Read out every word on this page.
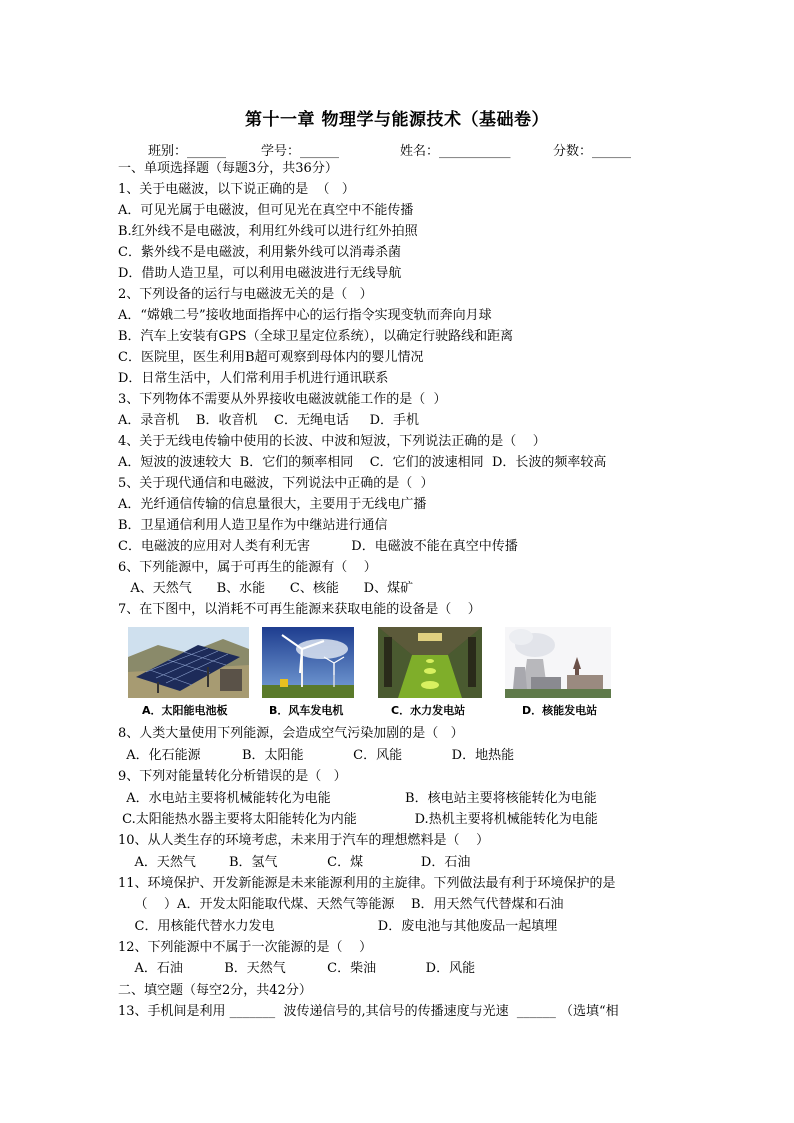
第十一章 物理学与能源技术（基础卷）
班别：______	学号：______	姓名：___________	分数：______
一、单项选择题（每题3分，共36分）
1、关于电磁波，以下说正确的是  （   ）
A．可见光属于电磁波，但可见光在真空中不能传播
B.红外线不是电磁波，利用红外线可以进行红外拍照
C．紫外线不是电磁波，利用紫外线可以消毒杀菌
D．借助人造卫星，可以利用电磁波进行无线导航
2、下列设备的运行与电磁波无关的是（   ）
A．“嫦娥二号”接收地面指挥中心的运行指令实现变轨而奔向月球
B．汽车上安装有GPS（全球卫星定位系统），以确定行驶路线和距离
C．医院里，医生利用B超可观察到母体内的婴儿情况
D．日常生活中，人们常利用手机进行通讯联系
3、下列物体不需要从外界接收电磁波就能工作的是（  ）
A．录音机    B．收音机    C．无绳电话     D．手机
4、关于无线电传输中使用的长波、中波和短波，下列说法正确的是（    ）
A．短波的波速较大  B．它们的频率相同    C．它们的波速相同  D．长波的频率较高
5、关于现代通信和电磁波，下列说法中正确的是（  ）
A．光纤通信传输的信息量很大，主要用于无线电广播
B．卫星通信利用人造卫星作为中继站进行通信
C．电磁波的应用对人类有利无害          D．电磁波不能在真空中传播
6、下列能源中，属于可再生的能源有（    ）
A、天然气      B、水能      C、核能      D、煤矿
7、在下图中，以消耗不可再生能源来获取电能的设备是（    ）
A．太阳能电池板	B．风车发电机	C．水力发电站	D．核能发电站
8、人类大量使用下列能源，会造成空气污染加剧的是（   ）
A．化石能源          B．太阳能            C．风能            D．地热能
9、下列对能量转化分析错误的是（   ）
A．水电站主要将机械能转化为电能                  B．核电站主要将核能转化为电能
C.太阳能热水器主要将太阳能转化为内能              D.热机主要将机械能转化为电能
10、从人类生存的环境考虑，未来用于汽车的理想燃料是（    ）
A．天然气        B．氢气            C．煤              D．石油
11、环境保护、开发新能源是未来能源利用的主旋律。下列做法最有利于环境保护的是
（    ）A．开发太阳能取代煤、天然气等能源    B．用天然气代替煤和石油
C．用核能代替水力发电                         D．废电池与其他废品一起填埋
12、下列能源中不属于一次能源的是（    ）
A．石油          B．天然气          C．柴油            D．风能
二、填空题（每空2分，共42分）
13、手机间是利用 _______  波传递信号的,其信号的传播速度与光速  ______ （选填“相
